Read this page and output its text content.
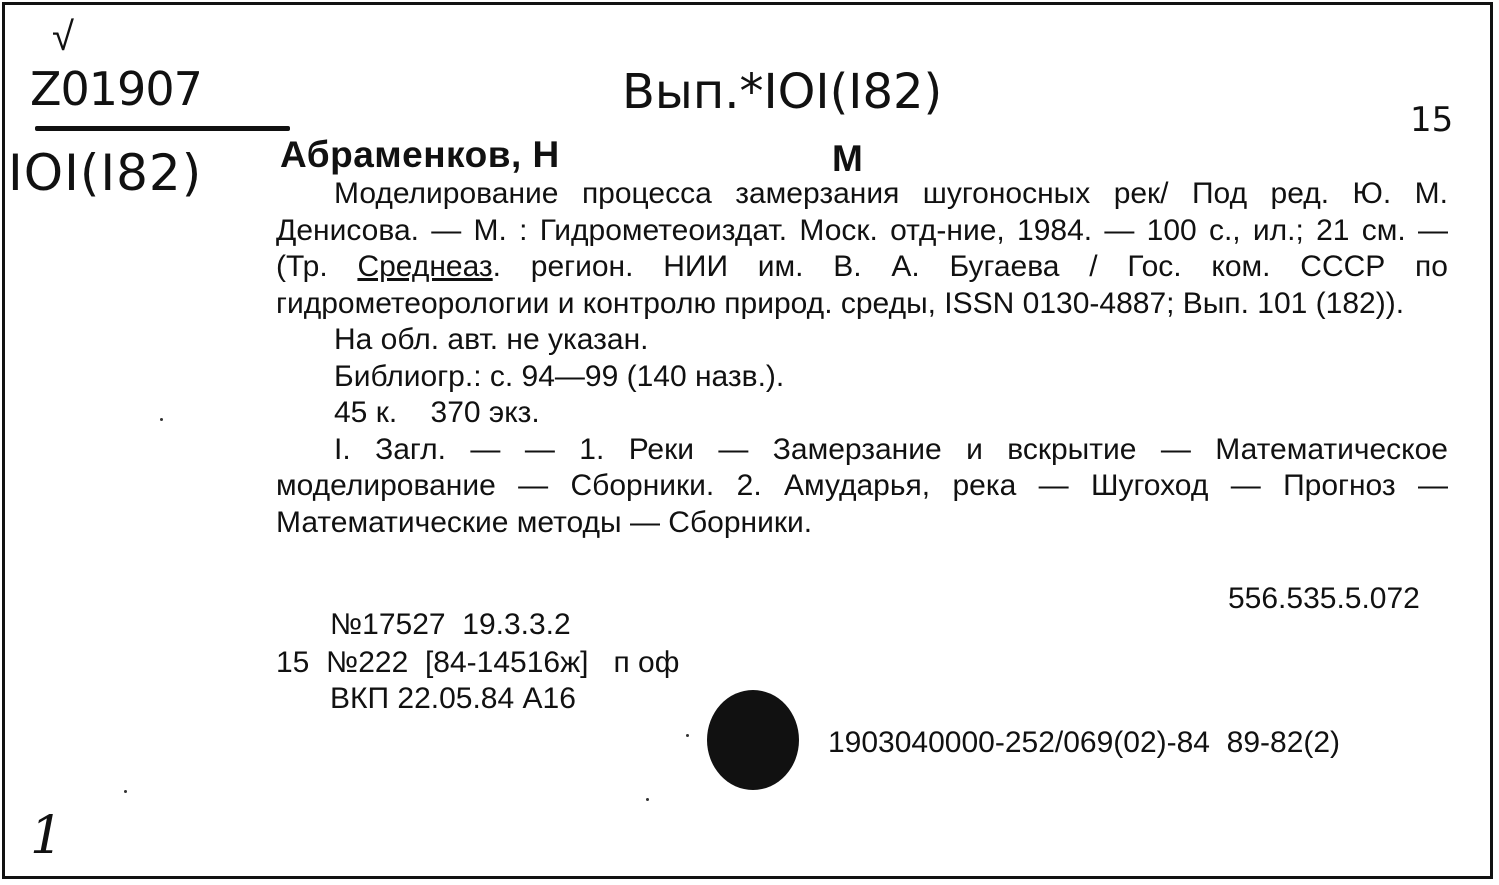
√
Z01907
IOI(I82)
Вып.*IOI(I82)	15
Абраменков, Н	М

Моделирование процесса замерзания шугоносных рек/ Под ред. Ю. М. Денисова. — М. : Гидрометеоиздат. Моск. отд-ние, 1984. — 100 с., ил.; 21 см. — (Тр. Среднеаз. регион. НИИ им. В. А. Бугаева / Гос. ком. СССР по гидрометеорологии и контролю природ. среды, ISSN 0130-4887; Вып. 101 (182)).

На обл. авт. не указан.

Библиогр.: с. 94—99 (140 назв.).

45 к.    370 экз.

I. Загл. — — 1. Реки — Замерзание и вскрытие — Математическое моделирование — Сборники. 2. Амударья, река — Шугоход — Прогноз — Математические методы — Сборники.

556.535.5.072
№17527  19.3.3.2
15  №222  [84-14516ж]   п оф
ВКП 22.05.84 А16
1903040000-252/069(02)-84  89-82(2)
1
